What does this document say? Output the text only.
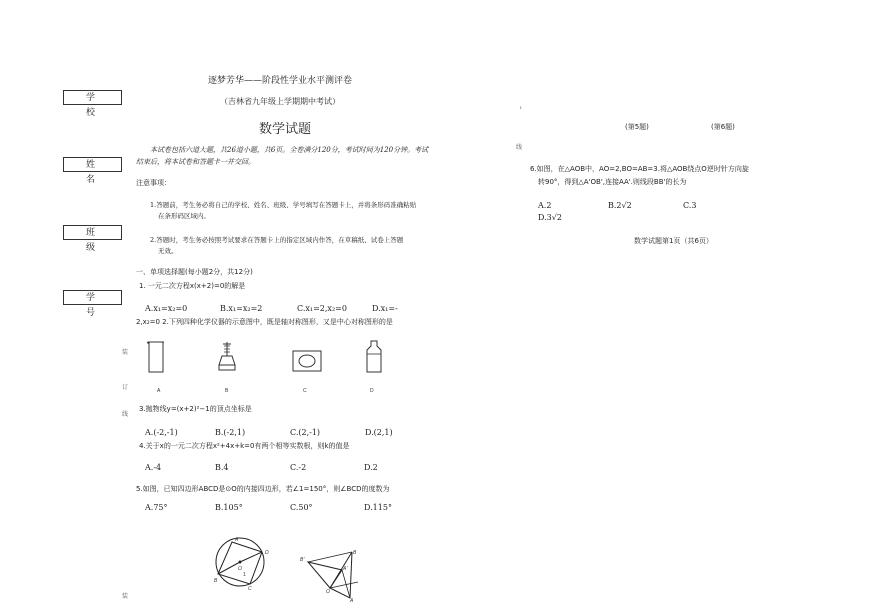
逐梦芳华——阶段性学业水平测评卷
（吉林省九年级上学期期中考试）
数学试题
学 校
姓 名
班 级
学 号
装
订
线
装
本试卷包括六道大题，共26道小题，共6页。全卷满分120分，考试时间为120分钟。考试
结束后，将本试卷和答题卡一并交回。
注意事项：
1.答题前，考生务必将自己的学校、姓名、班级、学号填写在答题卡上，并将条形码准确粘贴
在条形码区域内。
2.答题时，考生务必按照考试要求在答题卡上的指定区域内作答，在草稿纸、试卷上答题
无效。
一、单项选择题(每小题2分，共12分)
1. 一元二次方程x(x+2)=0的解是
A.x₁=x₂=0	B.x₁=x₂=2	C.x₁=2,x₂=0	D.x₁=-
2,x₂=0 2.下列四种化学仪器的示意图中，既是轴对称图形，又是中心对称图形的是
A	B	C	D
3.抛物线y=(x+2)²−1的顶点坐标是
A.(-2,-1)	B.(-2,1)	C.(2,-1)	D.(2,1)
4.关于x的一元二次方程x²+4x+k=0有两个相等实数根，则k的值是
A.-4	B.4	C.-2	D.2
5.如图，已知四边形ABCD是⊙O的内接四边形，若∠1=150°，则∠BCD的度数为
A.75°	B.105°	C.50°	D.115°
B
A
D
C
O
1
B'
B
A'
O
A
ı
线
(第5题)	(第6题)
6.如图，在△AOB中，AO=2,BO=AB=3.将△AOB绕点O逆时针方向旋
转90°，得到△A'OB',连接AA'.则线段BB'的长为
A.2	B.2√2	C.3
D.3√2
数学试题第1页（共6页）
